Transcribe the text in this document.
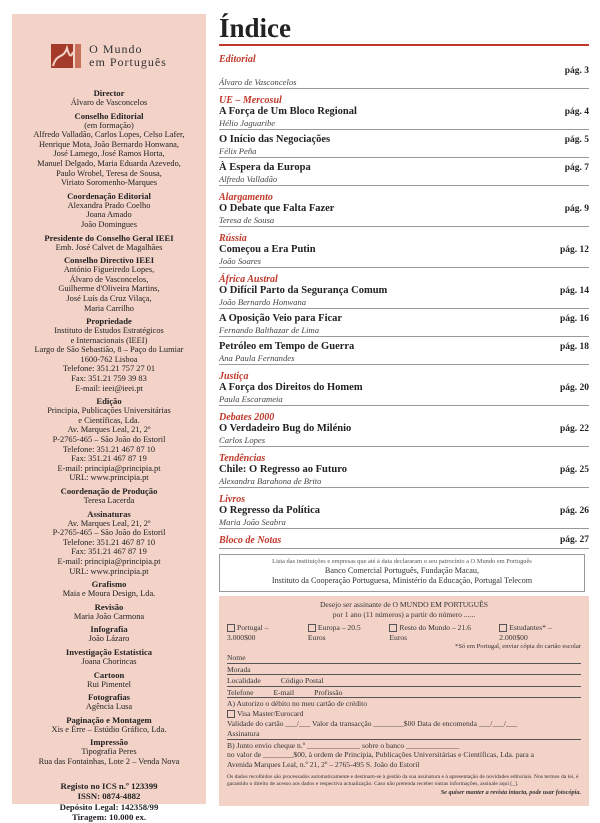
O Mundo
em Português
Director
Álvaro de Vasconcelos
Conselho Editorial
(em formação)
Alfredo Valladão, Carlos Lopes, Celso Lafer,
Henrique Mota, João Bernardo Honwana,
José Lamego, José Ramos Horta,
Manuel Delgado, Maria Eduarda Azevedo,
Paulo Wrobel, Teresa de Sousa,
Viriato Soromenho-Marques
Coordenação Editorial
Alexandra Prado Coelho
Joana Amado
João Domingues
Presidente do Conselho Geral IEEI
Emb. José Calvet de Magalhães
Conselho Directivo IEEI
António Figueiredo Lopes,
Álvaro de Vasconcelos,
Guilherme d'Oliveira Martins,
José Luís da Cruz Vilaça,
Maria Carrilho
Propriedade
Instituto de Estudos Estratégicos
e Internacionais (IEEI)
Largo de São Sebastião, 8 – Paço do Lumiar
1600-762 Lisboa
Telefone: 351.21 757 27 01
Fax: 351.21 759 39 83
E-mail: ieei@ieei.pt
Edição
Principia, Publicações Universitárias
e Científicas, Lda.
Av. Marques Leal, 21, 2º
P-2765-465 – São João do Estoril
Telefone: 351.21 467 87 10
Fax: 351.21 467 87 19
E-mail: principia@principia.pt
URL: www.principia.pt
Coordenação de Produção
Teresa Lacerda
Assinaturas
Av. Marques Leal, 21, 2º
P-2765-465 – São João do Estoril
Telefone: 351.21 467 87 10
Fax: 351.21 467 87 19
E-mail: principia@principia.pt
URL: www.principia.pt
Grafismo
Maia e Moura Design, Lda.
Revisão
Maria João Carmona
Infografia
João Lázaro
Investigação Estatística
Joana Chorincas
Cartoon
Rui Pimentel
Fotografias
Agência Lusa
Paginação e Montagem
Xis e Érre – Estúdio Gráfico, Lda.
Impressão
Tipografia Peres
Rua das Fontainhas, Lote 2 – Venda Nova
Registo no ICS n.º 123399
ISSN: 0874-4882
Depósito Legal: 142358/99
Tiragem: 10.000 ex.
Índice
Editorial
pág. 3
Álvaro de Vasconcelos
UE – Mercosul
A Força de Um Bloco Regional	pág. 4
Hélio Jaguaribe
O Início das Negociações	pág. 5
Félix Peña
À Espera da Europa	pág. 7
Alfredo Valladão
Alargamento
O Debate que Falta Fazer	pág. 9
Teresa de Sousa
Rússia
Começou a Era Putin	pág. 12
João Soares
África Austral
O Difícil Parto da Segurança Comum	pág. 14
João Bernardo Honwana
A Oposição Veio para Ficar	pág. 16
Fernando Balthazar de Lima
Petróleo em Tempo de Guerra	pág. 18
Ana Paula Fernandes
Justiça
A Força dos Direitos do Homem	pág. 20
Paula Escarameia
Debates 2000
O Verdadeiro Bug do Milénio	pág. 22
Carlos Lopes
Tendências
Chile: O Regresso ao Futuro	pág. 25
Alexandra Barahona de Brito
Livros
O Regresso da Política	pág. 26
Maria João Seabra
Bloco de Notas	pág. 27
Lista das instituições e empresas que até à data declararam o seu patrocínio a O Mundo em Português
Banco Comercial Português, Fundação Macau,
Instituto da Cooperação Portuguesa, Ministério da Educação, Portugal Telecom
Desejo ser assinante de O MUNDO EM PORTUGUÊS
por 1 ano (11 números) a partir do número ......
Portugal – 3.000$00
Europa – 20.5 Euros
Resto do Mundo – 21.6 Euros
Estudantes* – 2.000$00
*Só em Portugal, enviar cópia do cartão escolar
Nome
Morada
Localidade	Código Postal
Telefone	E-mail	Profissão
A) Autorizo o débito no meu cartão de crédito
Visa Master/Eurocard
Validade do cartão ___/___ Valor da transacção ________$00 Data de encomenda ___/___/___
Assinatura
B) Junto envio cheque n.º ______________ sobre o banco ______________
no valor de ________$00, à ordem de Principia, Publicações Universitárias e Científicas, Lda. para a
Avenida Marques Leal, n.º 21, 2º – 2765-495 S. João do Estoril
Os dados recolhidos são processados automaticamente e destinam-se à gestão da sua assinatura e à apresentação de novidades editoriais. Nos termos da lei, é garantido o direito de acesso aos dados e respectiva actualização. Caso não pretenda receber outras informações, assinale aqui [_].
Se quiser manter a revista intacta, pode usar fotocópia.
